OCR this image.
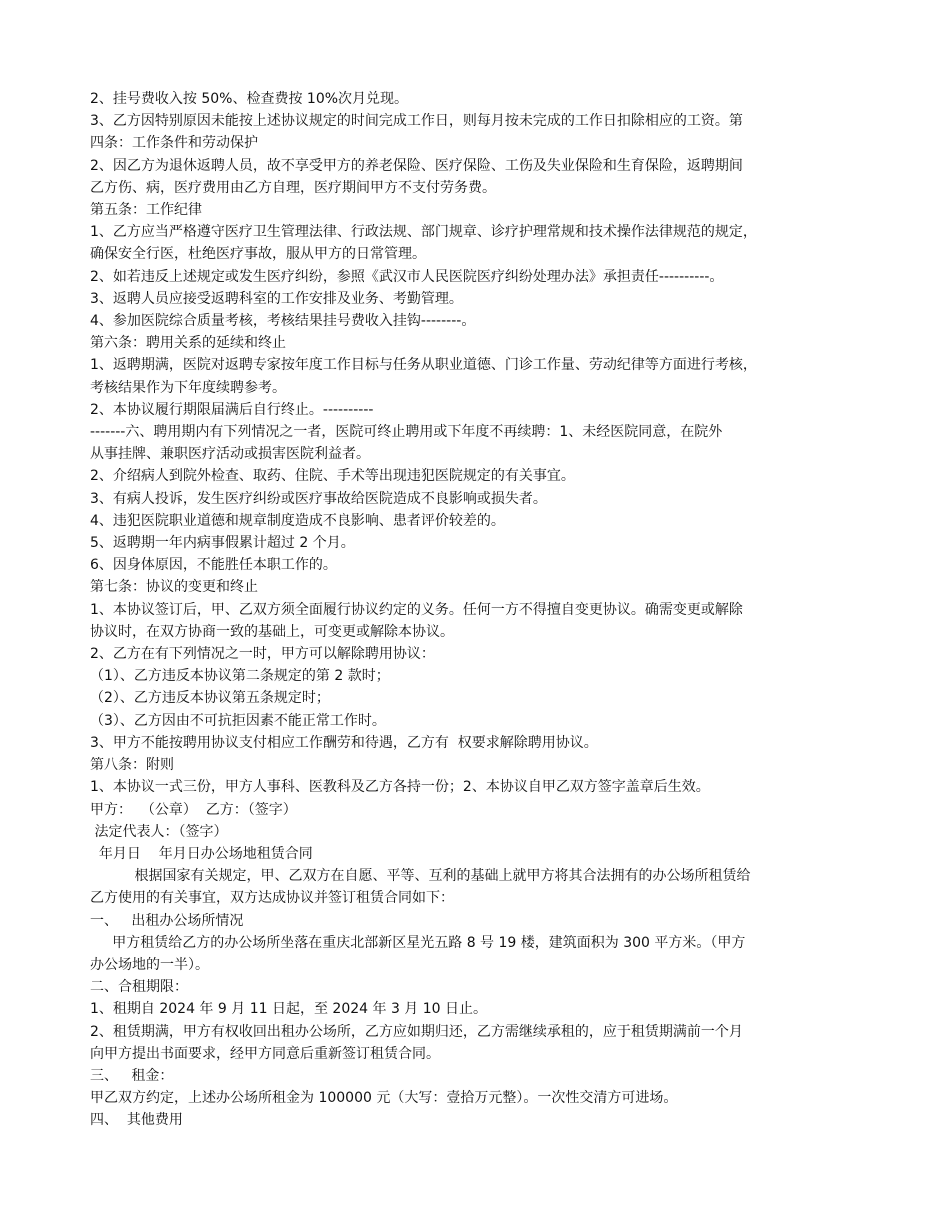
2、挂号费收入按 50%、检查费按 10%次月兑现。

3、乙方因特别原因未能按上述协议规定的时间完成工作日，则每月按未完成的工作日扣除相应的工资。第

四条：工作条件和劳动保护

2、因乙方为退休返聘人员，故不享受甲方的养老保险、医疗保险、工伤及失业保险和生育保险，返聘期间

乙方伤、病，医疗费用由乙方自理，医疗期间甲方不支付劳务费。

第五条：工作纪律

1、乙方应当严格遵守医疗卫生管理法律、行政法规、部门规章、诊疗护理常规和技术操作法律规范的规定，

确保安全行医，杜绝医疗事故，服从甲方的日常管理。

2、如若违反上述规定或发生医疗纠纷，参照《武汉市人民医院医疗纠纷处理办法》承担责任----------。

3、返聘人员应接受返聘科室的工作安排及业务、考勤管理。

4、参加医院综合质量考核，考核结果挂号费收入挂钩--------。

第六条：聘用关系的延续和终止

1、返聘期满，医院对返聘专家按年度工作目标与任务从职业道德、门诊工作量、劳动纪律等方面进行考核，

考核结果作为下年度续聘参考。

2、本协议履行期限届满后自行终止。----------

-------六、聘用期内有下列情况之一者，医院可终止聘用或下年度不再续聘：1、未经医院同意，在院外

从事挂牌、兼职医疗活动或损害医院利益者。

2、介绍病人到院外检查、取药、住院、手术等出现违犯医院规定的有关事宜。

3、有病人投诉，发生医疗纠纷或医疗事故给医院造成不良影响或损失者。

4、违犯医院职业道德和规章制度造成不良影响、患者评价较差的。

5、返聘期一年内病事假累计超过 2 个月。

6、因身体原因，不能胜任本职工作的。

第七条：协议的变更和终止

1、本协议签订后，甲、乙双方须全面履行协议约定的义务。任何一方不得擅自变更协议。确需变更或解除

协议时，在双方协商一致的基础上，可变更或解除本协议。

2、乙方在有下列情况之一时，甲方可以解除聘用协议：

（1）、乙方违反本协议第二条规定的第 2 款时；

（2）、乙方违反本协议第五条规定时；

（3）、乙方因由不可抗拒因素不能正常工作时。

3、甲方不能按聘用协议支付相应工作酬劳和待遇，乙方有  权要求解除聘用协议。

第八条：附则

1、本协议一式三份，甲方人事科、医教科及乙方各持一份；2、本协议自甲乙双方签字盖章后生效。

甲方：  （公章）  乙方：（签字）

法定代表人：（签字）

年月日    年月日办公场地租赁合同

根据国家有关规定，甲、乙双方在自愿、平等、互利的基础上就甲方将其合法拥有的办公场所租赁给

乙方使用的有关事宜，双方达成协议并签订租赁合同如下：

一、   出租办公场所情况

甲方租赁给乙方的办公场所坐落在重庆北部新区星光五路 8 号 19 楼，建筑面积为 300 平方米。（甲方

办公场地的一半）。

二、合租期限：

1、租期自 2024 年 9 月 11 日起，至 2024 年 3 月 10 日止。

2、租赁期满，甲方有权收回出租办公场所，乙方应如期归还，乙方需继续承租的，应于租赁期满前一个月

向甲方提出书面要求，经甲方同意后重新签订租赁合同。

三、   租金：

甲乙双方约定，上述办公场所租金为 100000 元（大写：壹拾万元整）。一次性交清方可进场。

四、  其他费用
